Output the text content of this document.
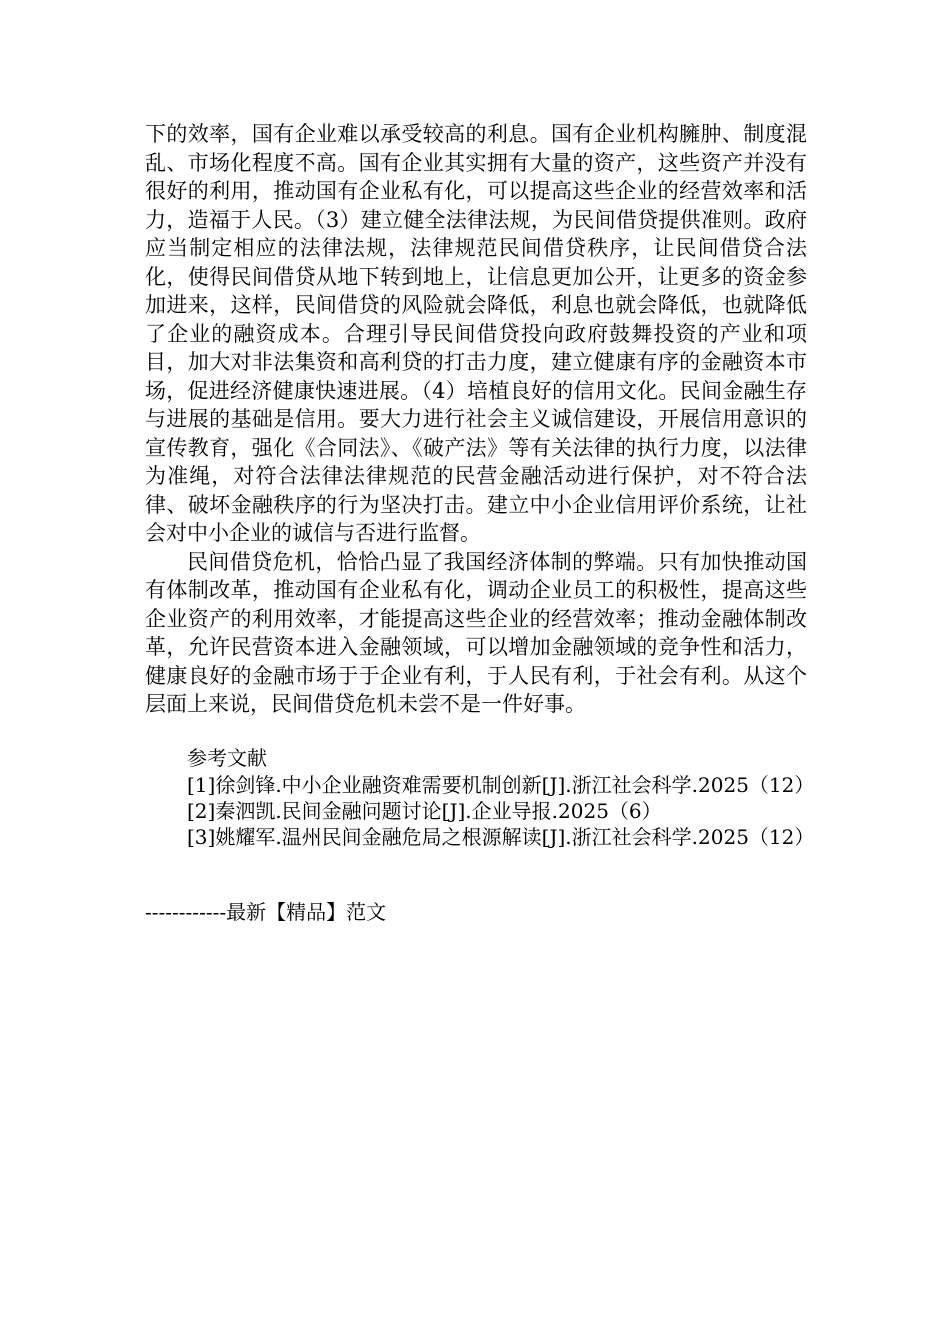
下的效率，国有企业难以承受较高的利息。国有企业机构臃肿、制度混乱、市场化程度不高。国有企业其实拥有大量的资产，这些资产并没有很好的利用，推动国有企业私有化，可以提高这些企业的经营效率和活力，造福于人民。（3）建立健全法律法规，为民间借贷提供准则。政府应当制定相应的法律法规，法律规范民间借贷秩序，让民间借贷合法化，使得民间借贷从地下转到地上，让信息更加公开，让更多的资金参加进来，这样，民间借贷的风险就会降低，利息也就会降低，也就降低了企业的融资成本。合理引导民间借贷投向政府鼓舞投资的产业和项目，加大对非法集资和高利贷的打击力度，建立健康有序的金融资本市场，促进经济健康快速进展。（4）培植良好的信用文化。民间金融生存与进展的基础是信用。要大力进行社会主义诚信建设，开展信用意识的宣传教育，强化《合同法》、《破产法》等有关法律的执行力度，以法律为准绳，对符合法律法律规范的民营金融活动进行保护，对不符合法律、破坏金融秩序的行为坚决打击。建立中小企业信用评价系统，让社会对中小企业的诚信与否进行监督。

民间借贷危机，恰恰凸显了我国经济体制的弊端。只有加快推动国有体制改革，推动国有企业私有化，调动企业员工的积极性，提高这些企业资产的利用效率，才能提高这些企业的经营效率；推动金融体制改革，允许民营资本进入金融领域，可以增加金融领域的竞争性和活力，健康良好的金融市场于于企业有利，于人民有利，于社会有利。从这个层面上来说，民间借贷危机未尝不是一件好事。

参考文献

[1]徐剑锋.中小企业融资难需要机制创新[J].浙江社会科学.2025（12）

[2]秦泗凯.民间金融问题讨论[J].企业导报.2025（6）

[3]姚耀军.温州民间金融危局之根源解读[J].浙江社会科学.2025（12）

------------最新【精品】范文
